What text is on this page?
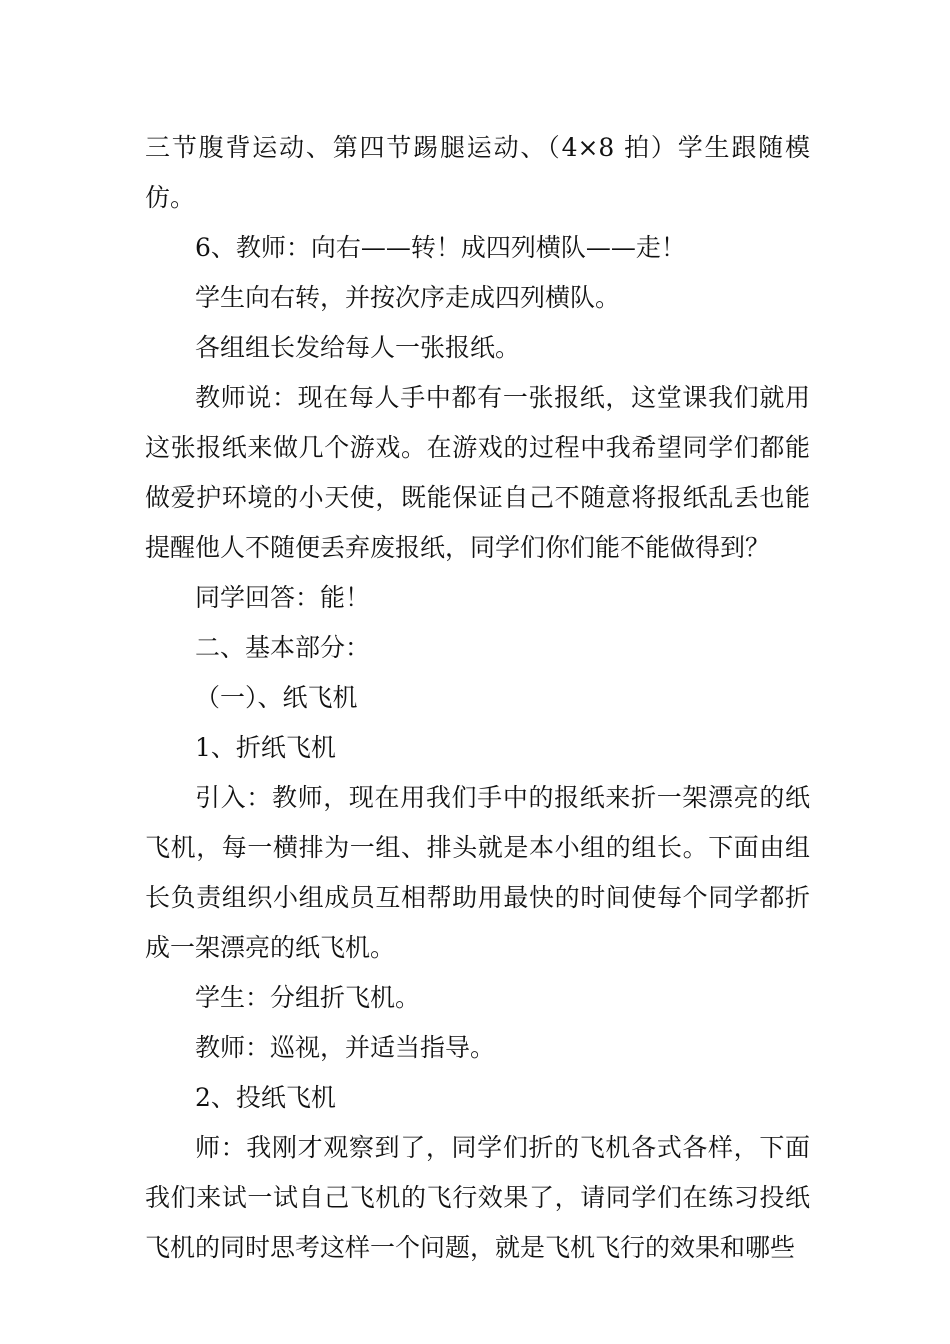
三节腹背运动、第四节踢腿运动、（4×8 拍）学生跟随模仿。

6、教师：向右——转！成四列横队——走！

学生向右转，并按次序走成四列横队。

各组组长发给每人一张报纸。

教师说：现在每人手中都有一张报纸，这堂课我们就用这张报纸来做几个游戏。在游戏的过程中我希望同学们都能做爱护环境的小天使，既能保证自己不随意将报纸乱丢也能提醒他人不随便丢弃废报纸，同学们你们能不能做得到？

同学回答：能！

二、基本部分：

（一）、纸飞机

1、折纸飞机

引入：教师，现在用我们手中的报纸来折一架漂亮的纸飞机，每一横排为一组、排头就是本小组的组长。下面由组长负责组织小组成员互相帮助用最快的时间使每个同学都折成一架漂亮的纸飞机。

学生：分组折飞机。

教师：巡视，并适当指导。

2、投纸飞机

师：我刚才观察到了，同学们折的飞机各式各样，下面我们来试一试自己飞机的飞行效果了，请同学们在练习投纸飞机的同时思考这样一个问题，就是飞机飞行的效果和哪些
